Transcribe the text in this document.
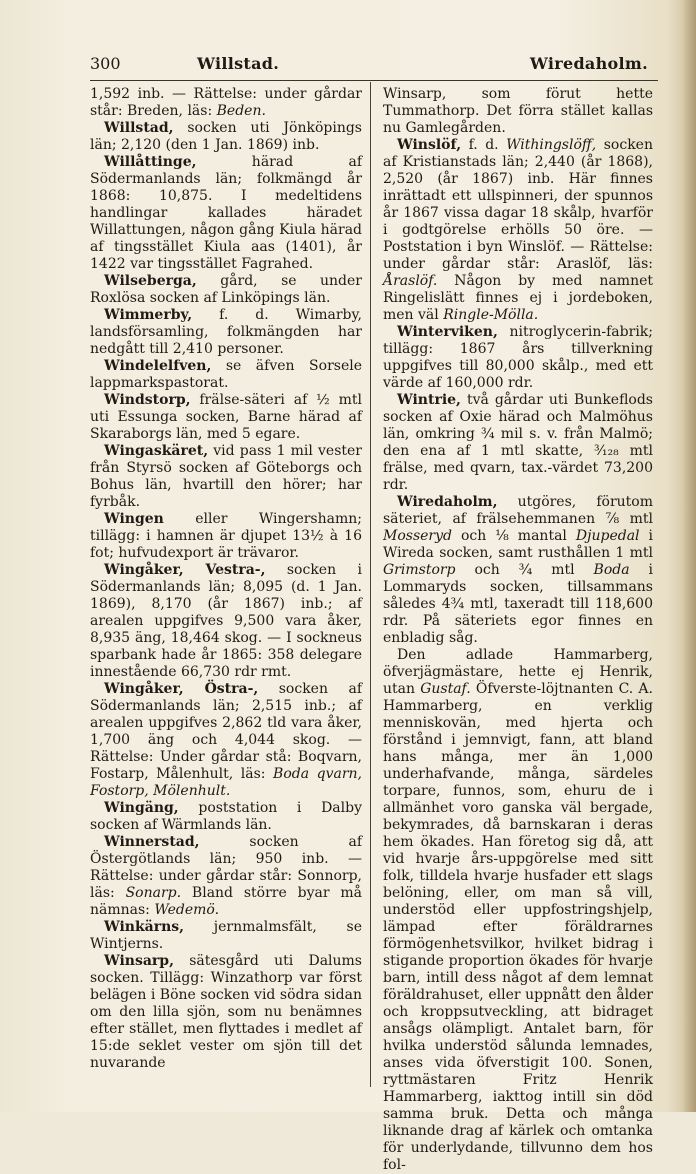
300	Willstad.	Wiredaholm.

1,592 inb. — Rättelse: under gårdar står: Breden, läs: Beden.

Willstad, socken uti Jönköpings län; 2,120 (den 1 Jan. 1869) inb.

Willåttinge, härad af Södermanlands län; folkmängd år 1868: 10,875. I medeltidens handlingar kallades häradet Willattungen, någon gång Kiula härad af tingsstället Kiula aas (1401), år 1422 var tingsstället Fagrahed.

Wilseberga, gård, se under Roxlösa socken af Linköpings län.

Wimmerby, f. d. Wimarby, landsförsamling, folkmängden har nedgått till 2,410 personer.

Windelelfven, se äfven Sorsele lappmarkspastorat.

Windstorp, frälse-säteri af ½ mtl uti Essunga socken, Barne härad af Skaraborgs län, med 5 egare.

Wingaskäret, vid pass 1 mil vester från Styrsö socken af Göteborgs och Bohus län, hvartill den hörer; har fyrbåk.

Wingen eller Wingershamn; tillägg: i hamnen är djupet 13½ à 16 fot; hufvudexport är trävaror.

Wingåker, Vestra-, socken i Södermanlands län; 8,095 (d. 1 Jan. 1869), 8,170 (år 1867) inb.; af arealen uppgifves 9,500 vara åker, 8,935 äng, 18,464 skog. — I sockneus sparbank hade år 1865: 358 delegare innestående 66,730 rdr rmt.

Wingåker, Östra-, socken af Södermanlands län; 2,515 inb.; af arealen uppgifves 2,862 tld vara åker, 1,700 äng och 4,044 skog. — Rättelse: Under gårdar stå: Boqvarn, Fostarp, Målenhult, läs: Boda qvarn, Fostorp, Mölenhult.

Wingäng, poststation i Dalby socken af Wärmlands län.

Winnerstad, socken af Östergötlands län; 950 inb. — Rättelse: under gårdar står: Sonnorp, läs: Sonarp. Bland större byar må nämnas: Wedemö.

Winkärns, jernmalmsfält, se Wintjerns.

Winsarp, sätesgård uti Dalums socken. Tillägg: Winzathorp var först belägen i Böne socken vid södra sidan om den lilla sjön, som nu benämnes efter stället, men flyttades i medlet af 15:de seklet vester om sjön till det nuvarande

Winsarp, som förut hette Tummathorp. Det förra stället kallas nu Gamlegården.

Winslöf, f. d. Withingslöff, socken af Kristianstads län; 2,440 (år 1868), 2,520 (år 1867) inb. Här finnes inrättadt ett ullspinneri, der spunnos år 1867 vissa dagar 18 skålp, hvarför i godtgörelse erhölls 50 öre. — Poststation i byn Winslöf. — Rättelse: under gårdar står: Araslöf, läs: Åraslöf. Någon by med namnet Ringelislätt finnes ej i jordeboken, men väl Ringle-Mölla.

Winterviken, nitroglycerin-fabrik; tillägg: 1867 års tillverkning uppgifves till 80,000 skålp., med ett värde af 160,000 rdr.

Wintrie, två gårdar uti Bunkeflods socken af Oxie härad och Malmöhus län, omkring ¾ mil s. v. från Malmö; den ena af 1 mtl skatte, ³⁄₁₂₈ mtl frälse, med qvarn, tax.-värdet 73,200 rdr.

Wiredaholm, utgöres, förutom säteriet, af frälsehemmanen ⅞ mtl Mosseryd och ⅛ mantal Djupedal i Wireda socken, samt rusthållen 1 mtl Grimstorp och ¾ mtl Boda i Lommaryds socken, tillsammans således 4¾ mtl, taxeradt till 118,600 rdr. På säteriets egor finnes en enbladig såg.

Den adlade Hammarberg, öfverjägmästare, hette ej Henrik, utan Gustaf. Öfverste-löjtnanten C. A. Hammarberg, en verklig menniskovän, med hjerta och förstånd i jemnvigt, fann, att bland hans många, mer än 1,000 underhafvande, många, särdeles torpare, funnos, som, ehuru de i allmänhet voro ganska väl bergade, bekymrades, då barnskaran i deras hem ökades. Han företog sig då, att vid hvarje års-uppgörelse med sitt folk, tilldela hvarje husfader ett slags belöning, eller, om man så vill, understöd eller uppfostringshjelp, lämpad efter föräldrarnes förmögenhetsvilkor, hvilket bidrag i stigande proportion ökades för hvarje barn, intill dess något af dem lemnat föräldrahuset, eller uppnått den ålder och kroppsutveckling, att bidraget ansågs olämpligt. Antalet barn, för hvilka understöd sålunda lemnades, anses vida öfverstigit 100. Sonen, ryttmästaren Fritz Henrik Hammarberg, iakttog intill sin död samma bruk. Detta och många liknande drag af kärlek och omtanka för underlydande, tillvunno dem hos fol-
